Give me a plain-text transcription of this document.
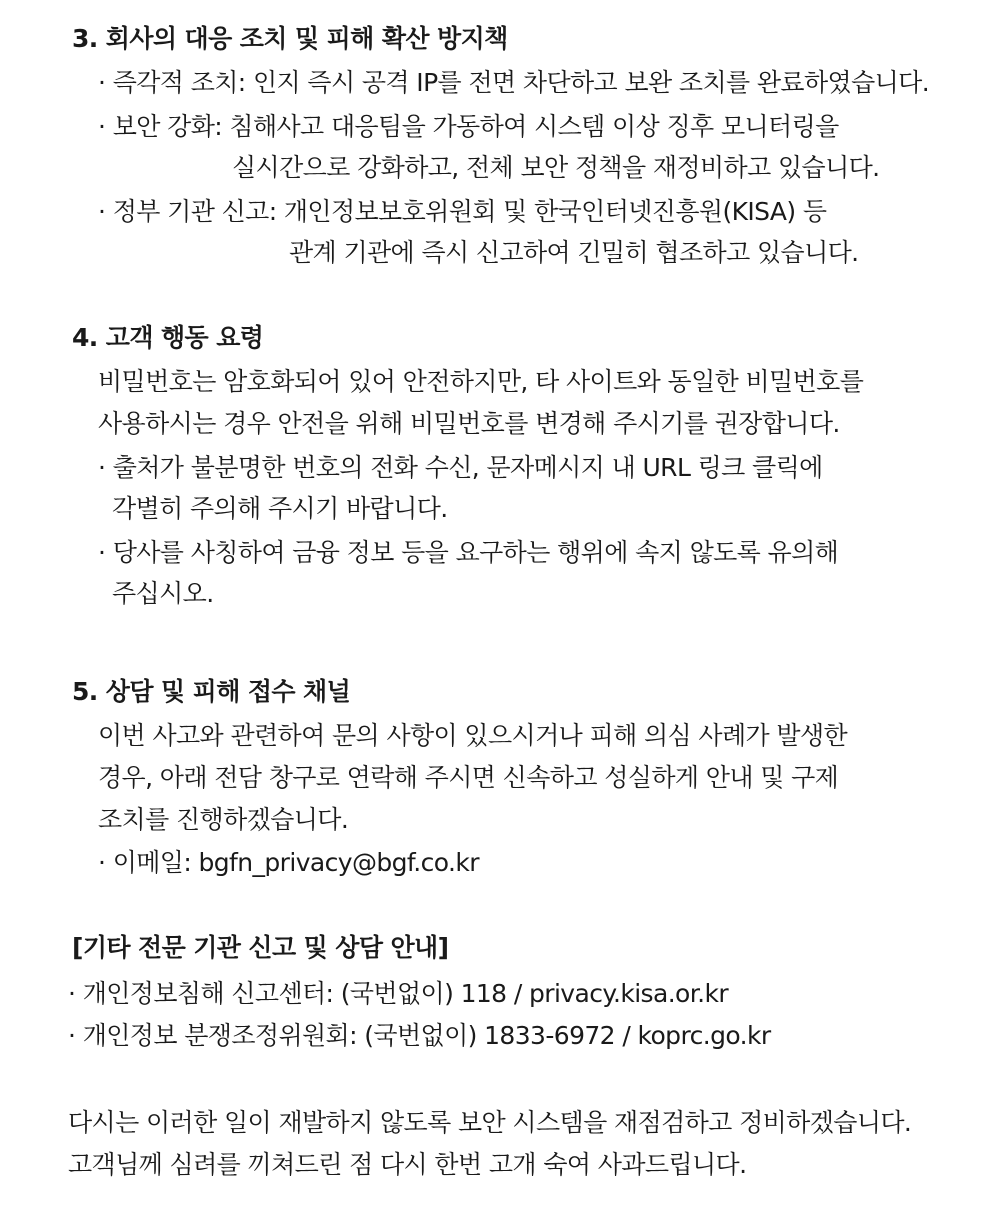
3. 회사의 대응 조치 및 피해 확산 방지책
· 즉각적 조치: 인지 즉시 공격 IP를 전면 차단하고 보완 조치를 완료하였습니다.
· 보안 강화: 침해사고 대응팀을 가동하여 시스템 이상 징후 모니터링을
실시간으로 강화하고, 전체 보안 정책을 재정비하고 있습니다.
· 정부 기관 신고: 개인정보보호위원회 및 한국인터넷진흥원(KISA) 등
관계 기관에 즉시 신고하여 긴밀히 협조하고 있습니다.
4. 고객 행동 요령
비밀번호는 암호화되어 있어 안전하지만, 타 사이트와 동일한 비밀번호를
사용하시는 경우 안전을 위해 비밀번호를 변경해 주시기를 권장합니다.
· 출처가 불분명한 번호의 전화 수신, 문자메시지 내 URL 링크 클릭에
각별히 주의해 주시기 바랍니다.
· 당사를 사칭하여 금융 정보 등을 요구하는 행위에 속지 않도록 유의해
주십시오.
5. 상담 및 피해 접수 채널
이번 사고와 관련하여 문의 사항이 있으시거나 피해 의심 사례가 발생한
경우, 아래 전담 창구로 연락해 주시면 신속하고 성실하게 안내 및 구제
조치를 진행하겠습니다.
· 이메일: bgfn_privacy@bgf.co.kr
[기타 전문 기관 신고 및 상담 안내]
· 개인정보침해 신고센터: (국번없이) 118 / privacy.kisa.or.kr
· 개인정보 분쟁조정위원회: (국번없이) 1833-6972 / koprc.go.kr
다시는 이러한 일이 재발하지 않도록 보안 시스템을 재점검하고 정비하겠습니다.
고객님께 심려를 끼쳐드린 점 다시 한번 고개 숙여 사과드립니다.
